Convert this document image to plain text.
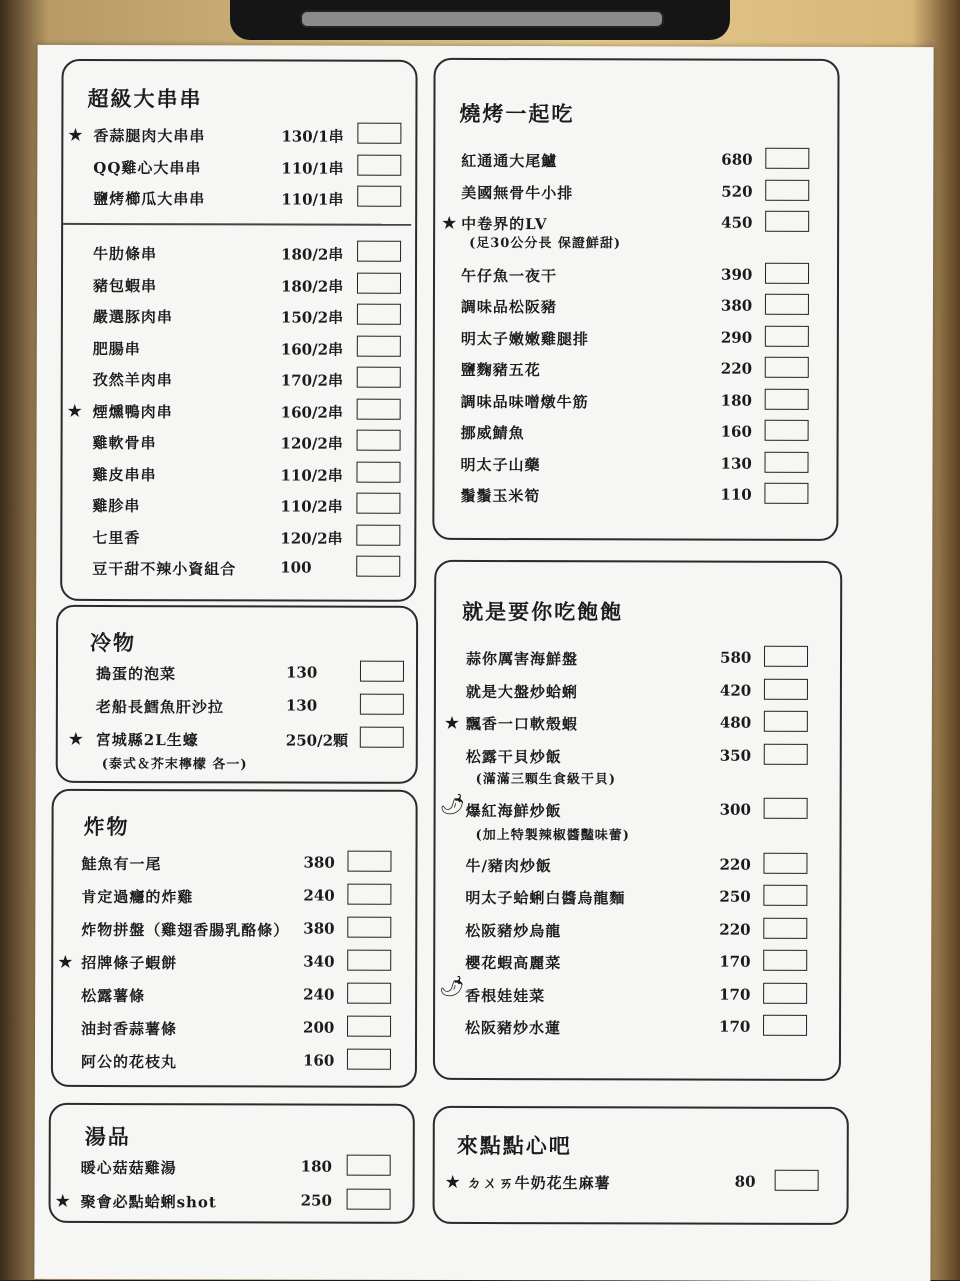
超級大串串
冷物
(泰式＆芥末檸檬 各一)
炸物
湯品
燒烤一起吃
(足30公分長 保證鮮甜)
就是要你吃飽飽
(滿滿三顆生食級干貝)
(加上特製辣椒醬豔味蕾)
🌶
🌶
來點點心吧
★ 香蒜腿肉大串串	130/1串
QQ雞心大串串	110/1串
鹽烤櫛瓜大串串	110/1串
牛肋條串	180/2串
豬包蝦串	180/2串
嚴選豚肉串	150/2串
肥腸串	160/2串
孜然羊肉串	170/2串
★ 煙燻鴨肉串	160/2串
雞軟骨串	120/2串
雞皮串串	110/2串
雞胗串	110/2串
七里香	120/2串
豆干甜不辣小資組合	100
搗蛋的泡菜	130
老船長鱈魚肝沙拉	130
★ 宮城縣2L生蠔	250/2顆
鮭魚有一尾	380
肯定過癮的炸雞	240
炸物拼盤（雞翅香腸乳酪條） 380
★ 招牌條子蝦餅	340
松露薯條	240
油封香蒜薯條	200
阿公的花枝丸	160
暖心菇菇雞湯	180
★ 聚會必點蛤蜊shot	250
紅通通大尾鱸	680
美國無骨牛小排	520
★ 中卷界的LV	450
午仔魚一夜干	390
調味品松阪豬	380
明太子嫩嫩雞腿排	290
鹽麴豬五花	220
調味品味噌燉牛筋	180
挪威鯖魚	160
明太子山藥	130
鬚鬚玉米筍	110
蒜你厲害海鮮盤	580
就是大盤炒蛤蜊	420
★ 飄香一口軟殼蝦	480
松露干貝炒飯	350
爆紅海鮮炒飯	300
牛/豬肉炒飯	220
明太子蛤蜊白醬烏龍麵	250
松阪豬炒烏龍	220
櫻花蝦高麗菜	170
香根娃娃菜	170
松阪豬炒水蓮	170
★ ㄉㄨㄞ牛奶花生麻薯	80
